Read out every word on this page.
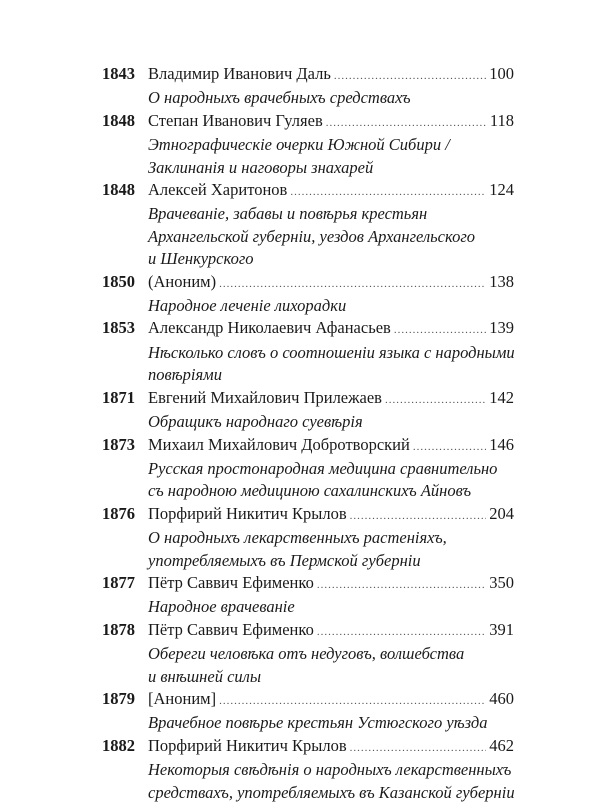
1843 Владимир Иванович Даль .....	100
О народныхъ врачебныхъ средствахъ
1848 Степан Иванович Гуляев .....	118
Этнографическiе очерки Южной Сибири /
Заклинанiя и наговоры знахарей
1848 Алексей Харитонов .....	124
Врачеванiе, забавы и повѣрья крестьян
Архангельской губернiи, уездов Архангельского
и Шенкурского
1850 (Аноним) .....	138
Народное леченiе лихорадки
1853 Александр Николаевич Афанасьев .....	139
Нѣсколько словъ о соотношенiи языка с народными
повѣрiями
1871 Евгений Михайлович Прилежаев .....	142
Обращикъ народнаго суевѣрiя
1873 Михаил Михайлович Добротворский .....	146
Русская простонародная медицина сравнительно
съ народною медициною сахалинскихъ Айновъ
1876 Порфирий Никитич Крылов .....	204
О народныхъ лекарственныхъ растенiяхъ,
употребляемыхъ въ Пермской губернiи
1877 Пётр Саввич Ефименко .....	350
Народное врачеванiе
1878 Пётр Саввич Ефименко .....	391
Обереги человѣка отъ недуговъ, волшебства
и внѣшней силы
1879 [Аноним] .....	460
Врачебное повѣрье крестьян Устюгского уѣзда
1882 Порфирий Никитич Крылов .....	462
Некоторыя свѣдѣнiя о народныхъ лекарственныхъ
средствахъ, употребляемыхъ въ Казанской губернiи
